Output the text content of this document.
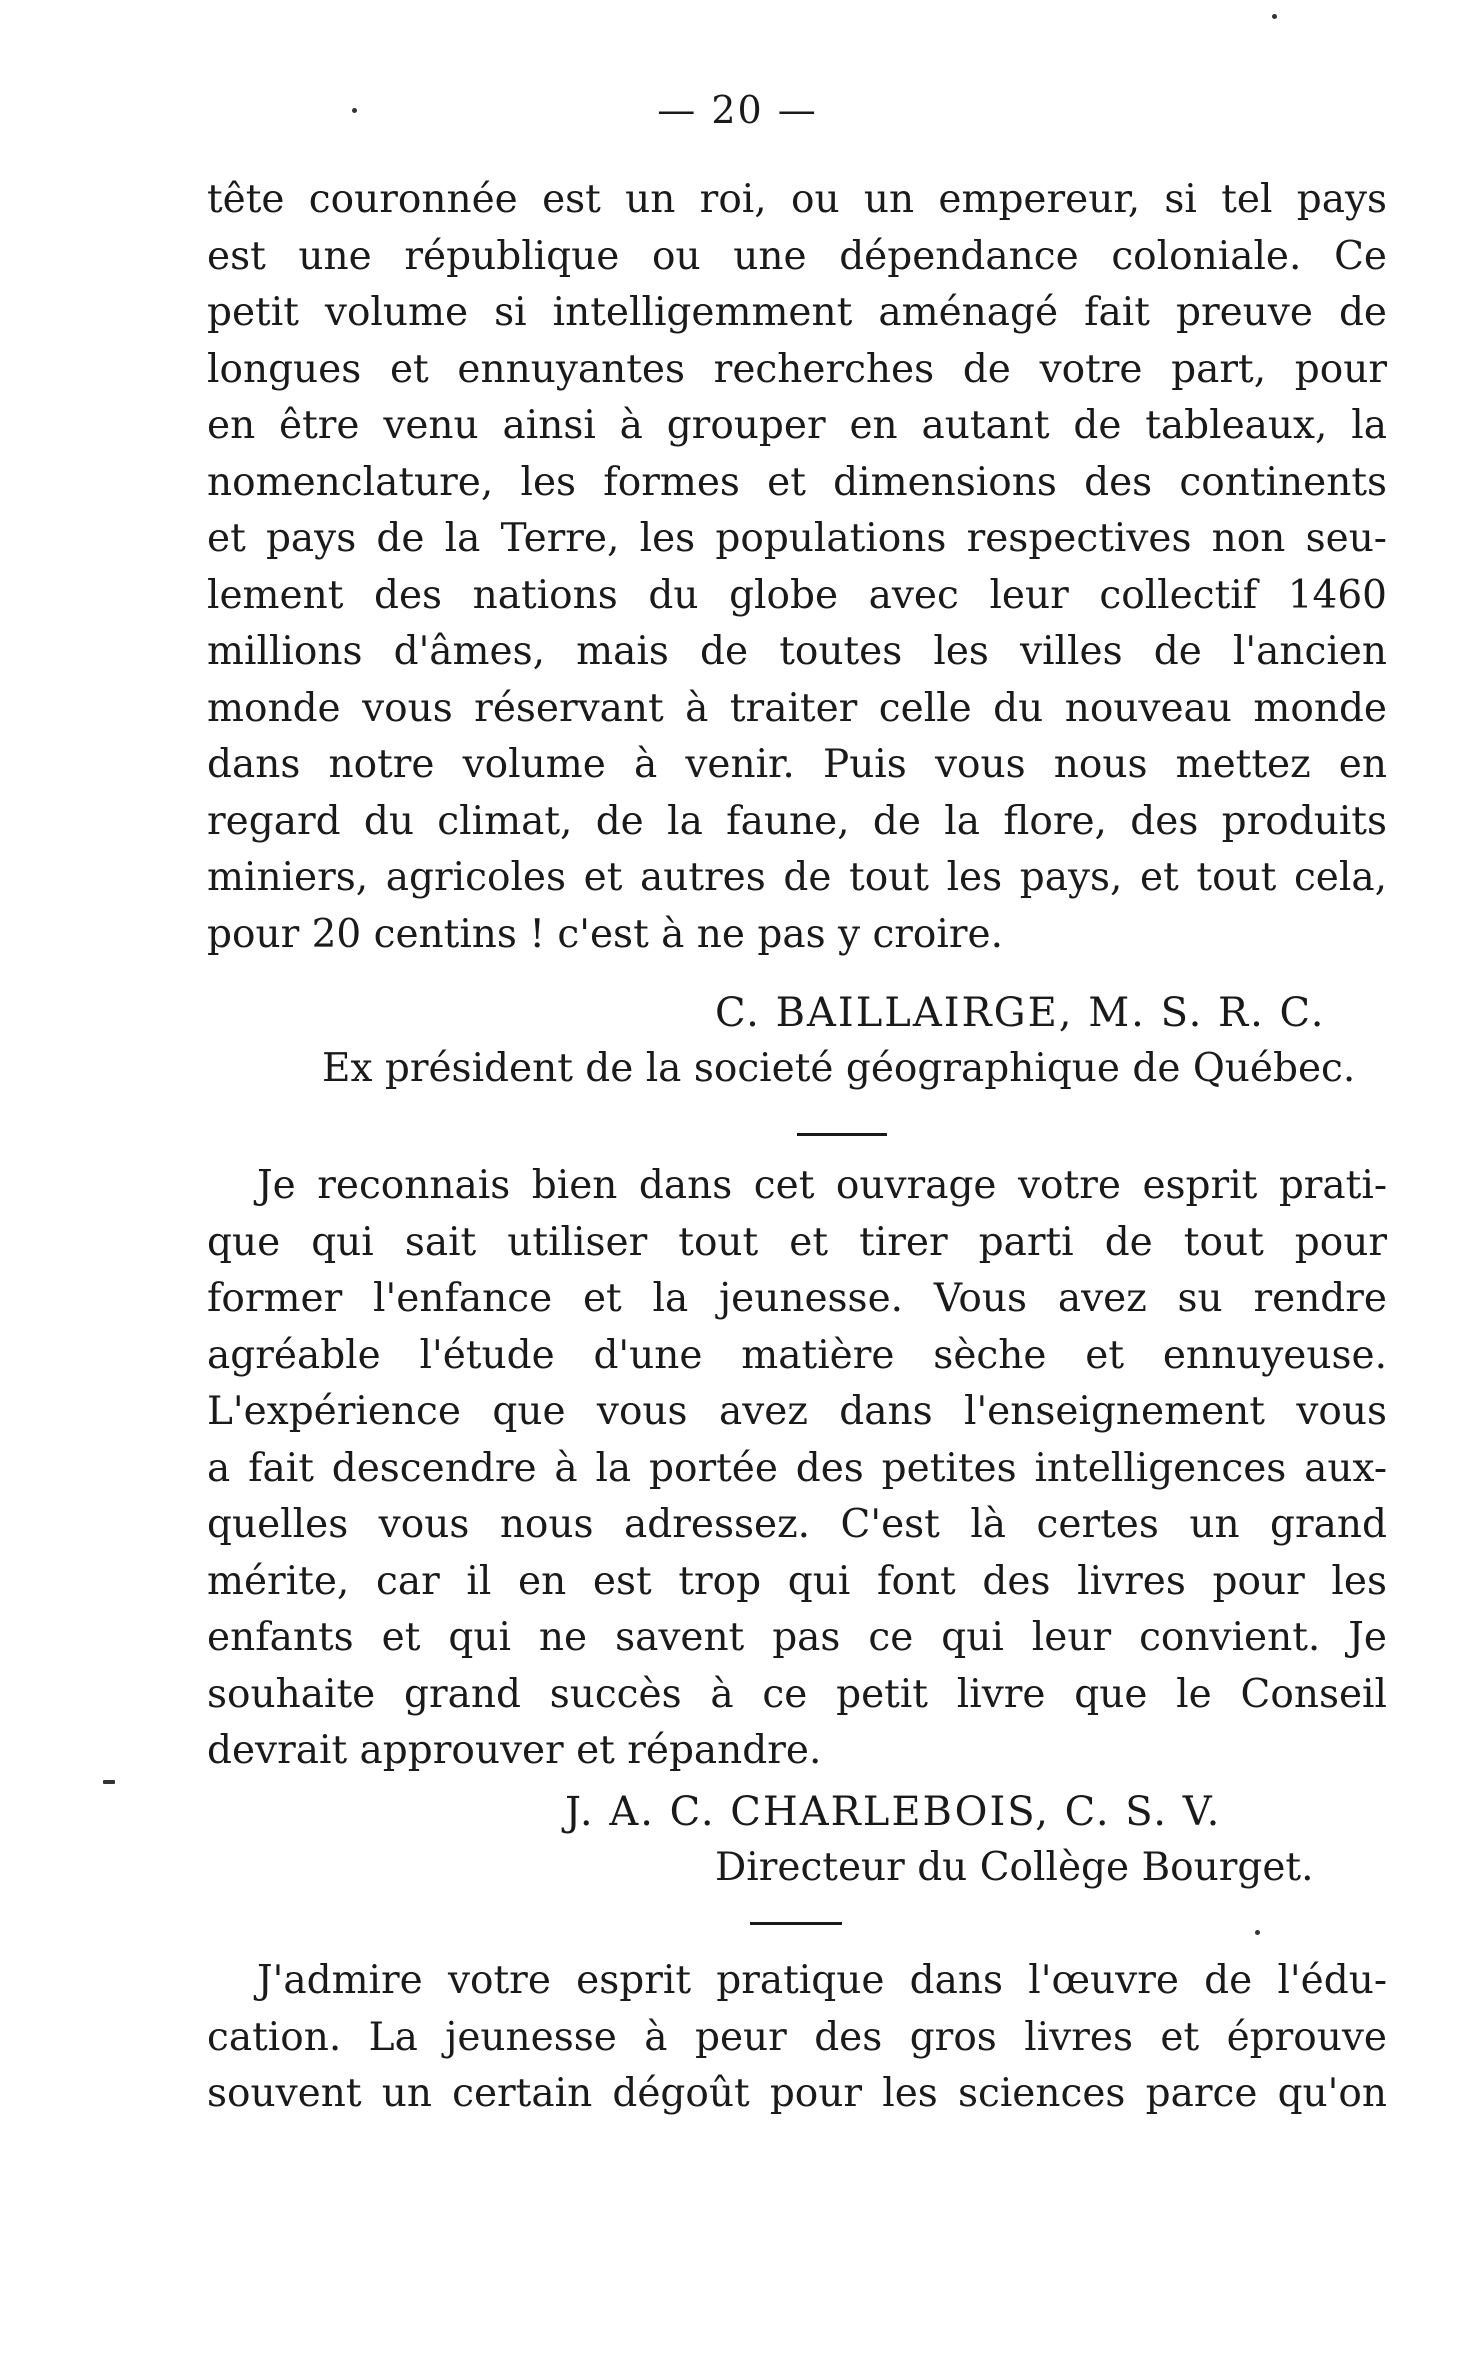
— 20 —
tête couronnée est un roi, ou un empereur, si tel pays
est une république ou une dépendance coloniale. Ce
petit volume si intelligemment aménagé fait preuve de
longues et ennuyantes recherches de votre part, pour
en être venu ainsi à grouper en autant de tableaux, la
nomenclature, les formes et dimensions des continents
et pays de la Terre, les populations respectives non seu-
lement des nations du globe avec leur collectif 1460
millions d'âmes, mais de toutes les villes de l'ancien
monde vous réservant à traiter celle du nouveau monde
dans notre volume à venir. Puis vous nous mettez en
regard du climat, de la faune, de la flore, des produits
miniers, agricoles et autres de tout les pays, et tout cela,
pour 20 centins ! c'est à ne pas y croire.
C. BAILLAIRGE, M. S. R. C.
Ex président de la societé géographique de Québec.
Je reconnais bien dans cet ouvrage votre esprit prati-
que qui sait utiliser tout et tirer parti de tout pour
former l'enfance et la jeunesse. Vous avez su rendre
agréable l'étude d'une matière sèche et ennuyeuse.
L'expérience que vous avez dans l'enseignement vous
a fait descendre à la portée des petites intelligences aux-
quelles vous nous adressez. C'est là certes un grand
mérite, car il en est trop qui font des livres pour les
enfants et qui ne savent pas ce qui leur convient. Je
souhaite grand succès à ce petit livre que le Conseil
devrait approuver et répandre.
J. A. C. CHARLEBOIS, C. S. V.
Directeur du Collège Bourget.
J'admire votre esprit pratique dans l'œuvre de l'édu-
cation. La jeunesse à peur des gros livres et éprouve
souvent un certain dégoût pour les sciences parce qu'on
